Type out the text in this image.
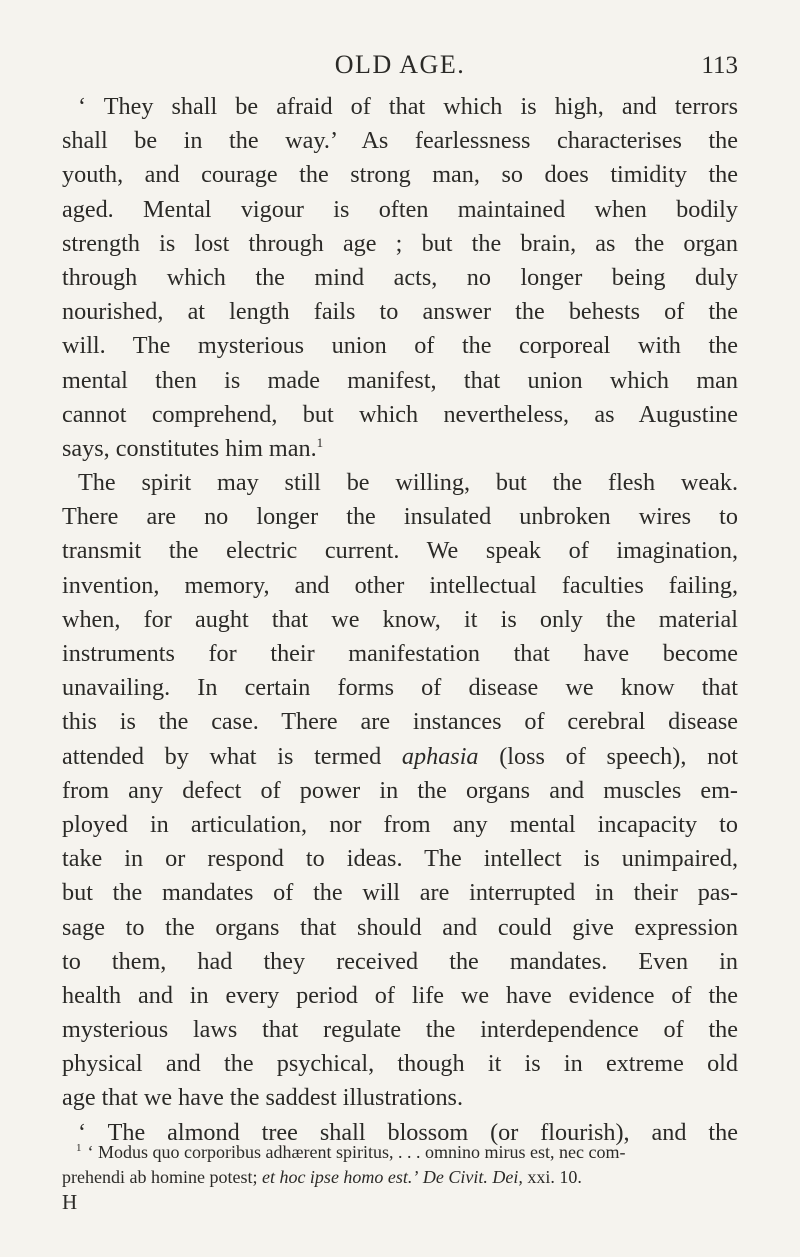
OLD AGE.	113
‘ They shall be afraid of that which is high, and terrors
shall be in the way.’ As fearlessness characterises the
youth, and courage the strong man, so does timidity the
aged. Mental vigour is often maintained when bodily
strength is lost through age ; but the brain, as the organ
through which the mind acts, no longer being duly
nourished, at length fails to answer the behests of the
will. The mysterious union of the corporeal with the
mental then is made manifest, that union which man
cannot comprehend, but which nevertheless, as Augustine
says, constitutes him man.$^1$
The spirit may still be willing, but the flesh weak.
There are no longer the insulated unbroken wires to
transmit the electric current. We speak of imagination,
invention, memory, and other intellectual faculties failing,
when, for aught that we know, it is only the material
instruments for their manifestation that have become
unavailing. In certain forms of disease we know that
this is the case. There are instances of cerebral disease
attended by what is termed aphasia (loss of speech), not
from any defect of power in the organs and muscles em-
ployed in articulation, nor from any mental incapacity to
take in or respond to ideas. The intellect is unimpaired,
but the mandates of the will are interrupted in their pas-
sage to the organs that should and could give expression
to them, had they received the mandates. Even in
health and in every period of life we have evidence of the
mysterious laws that regulate the interdependence of the
physical and the psychical, though it is in extreme old
age that we have the saddest illustrations.
‘ The almond tree shall blossom (or flourish), and the
$^1$ ‘ Modus quo corporibus adhærent spiritus, . . . omnino mirus est, nec com-
prehendi ab homine potest; et hoc ipse homo est.’ De Civit. Dei, xxi. 10.
H
